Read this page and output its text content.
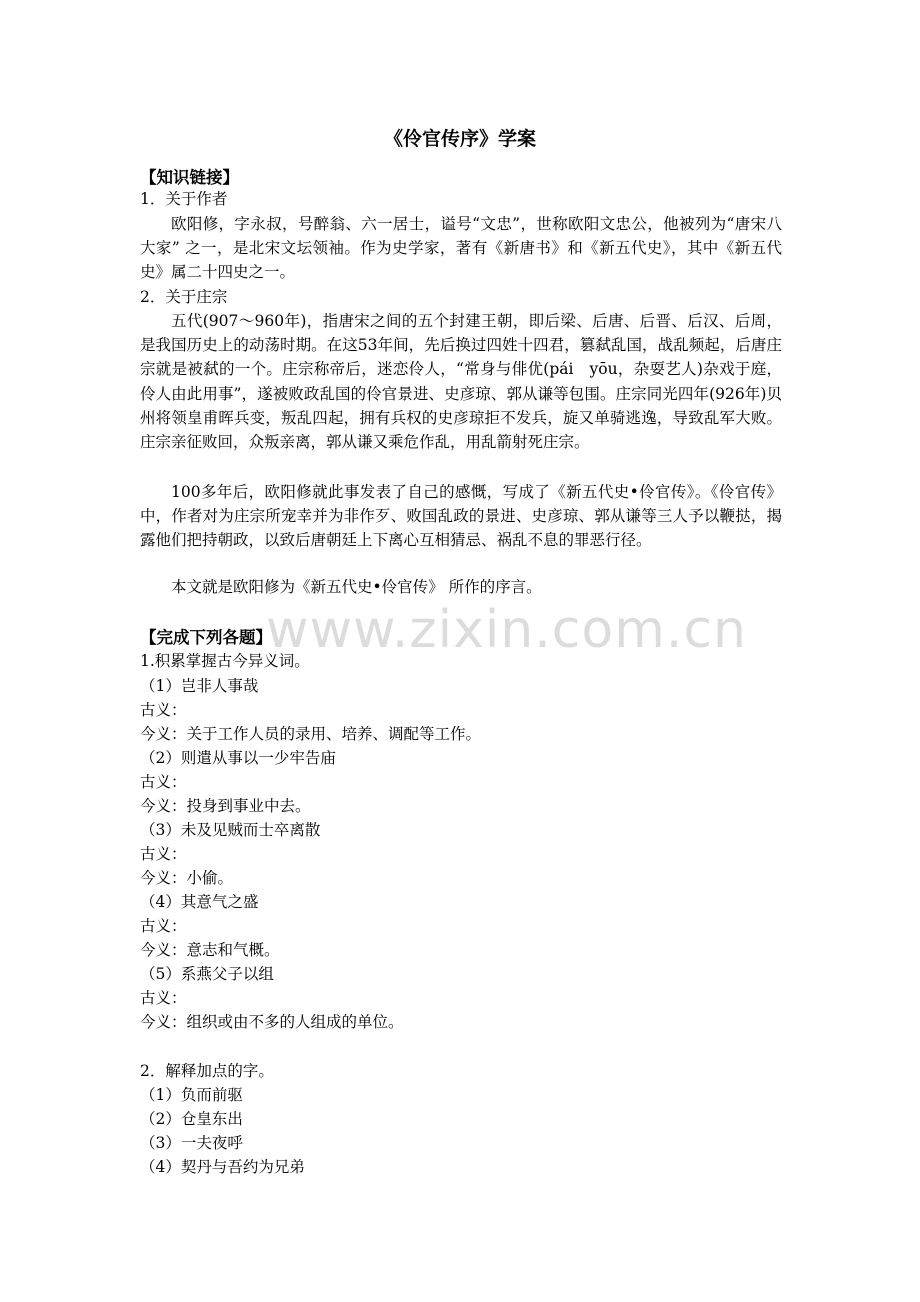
《伶官传序》学案
【知识链接】
1．关于作者
欧阳修，字永叔，号醉翁、六一居士，谥号“文忠”，世称欧阳文忠公，他被列为“唐宋八大家” 之一，是北宋文坛领袖。作为史学家，著有《新唐书》和《新五代史》，其中《新五代史》属二十四史之一。
2．关于庄宗
五代(907～960年)，指唐宋之间的五个封建王朝，即后梁、后唐、后晋、后汉、后周，是我国历史上的动荡时期。在这53年间，先后换过四姓十四君，篡弑乱国，战乱频起，后唐庄宗就是被弑的一个。庄宗称帝后，迷恋伶人，“常身与俳优(pái　yōu，杂耍艺人)杂戏于庭，伶人由此用事”，遂被败政乱国的伶官景进、史彦琼、郭从谦等包围。庄宗同光四年(926年)贝州将领皇甫晖兵变，叛乱四起，拥有兵权的史彦琼拒不发兵，旋又单骑逃逸，导致乱军大败。庄宗亲征败回，众叛亲离，郭从谦又乘危作乱，用乱箭射死庄宗。
100多年后，欧阳修就此事发表了自己的感慨，写成了《新五代史•伶官传》。《伶官传》中，作者对为庄宗所宠幸并为非作歹、败国乱政的景进、史彦琼、郭从谦等三人予以鞭挞，揭露他们把持朝政，以致后唐朝廷上下离心互相猜忌、祸乱不息的罪恶行径。
本文就是欧阳修为《新五代史•伶官传》 所作的序言。
www.zixin.com.cn
【完成下列各题】
1.积累掌握古今异义词。
（1）岂非人事哉
古义：
今义：关于工作人员的录用、培养、调配等工作。
（2）则遣从事以一少牢告庙
古义：
今义：投身到事业中去。
（3）未及见贼而士卒离散
古义：
今义：小偷。
（4）其意气之盛
古义：
今义：意志和气概。
（5）系燕父子以组
古义：
今义：组织或由不多的人组成的单位。
2．解释加点的字。
（1）负而前驱
（2）仓皇东出
（3）一夫夜呼
（4）契丹与吾约为兄弟
